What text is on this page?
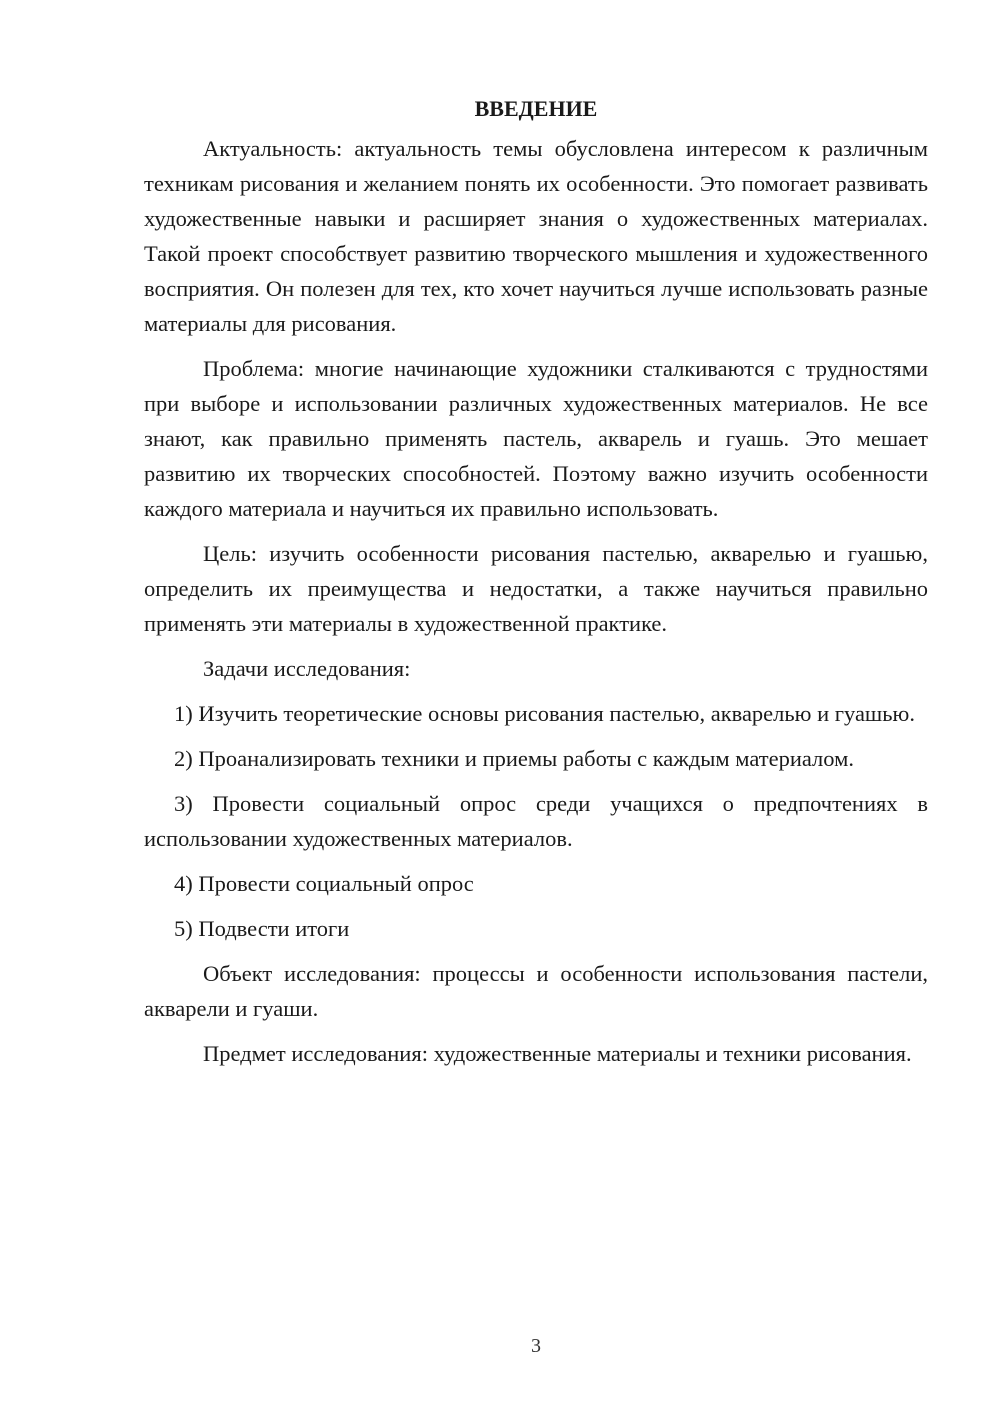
ВВЕДЕНИЕ

Актуальность: актуальность темы обусловлена интересом к различным техникам рисования и желанием понять их особенности. Это помогает развивать художественные навыки и расширяет знания о художественных материалах. Такой проект способствует развитию творческого мышления и художественного восприятия. Он полезен для тех, кто хочет научиться лучше использовать разные материалы для рисования.

Проблема: многие начинающие художники сталкиваются с трудностями при выборе и использовании различных художественных материалов. Не все знают, как правильно применять пастель, акварель и гуашь. Это мешает развитию их творческих способностей. Поэтому важно изучить особенности каждого материала и научиться их правильно использовать.

Цель: изучить особенности рисования пастелью, акварелью и гуашью, определить их преимущества и недостатки, а также научиться правильно применять эти материалы в художественной практике.

Задачи исследования:

1) Изучить теоретические основы рисования пастелью, акварелью и гуашью.

2) Проанализировать техники и приемы работы с каждым материалом.

3) Провести социальный опрос среди учащихся о предпочтениях в использовании художественных материалов.

4) Провести социальный опрос

5) Подвести итоги

Объект исследования: процессы и особенности использования пастели, акварели и гуаши.

Предмет исследования: художественные материалы и техники рисования.

3
